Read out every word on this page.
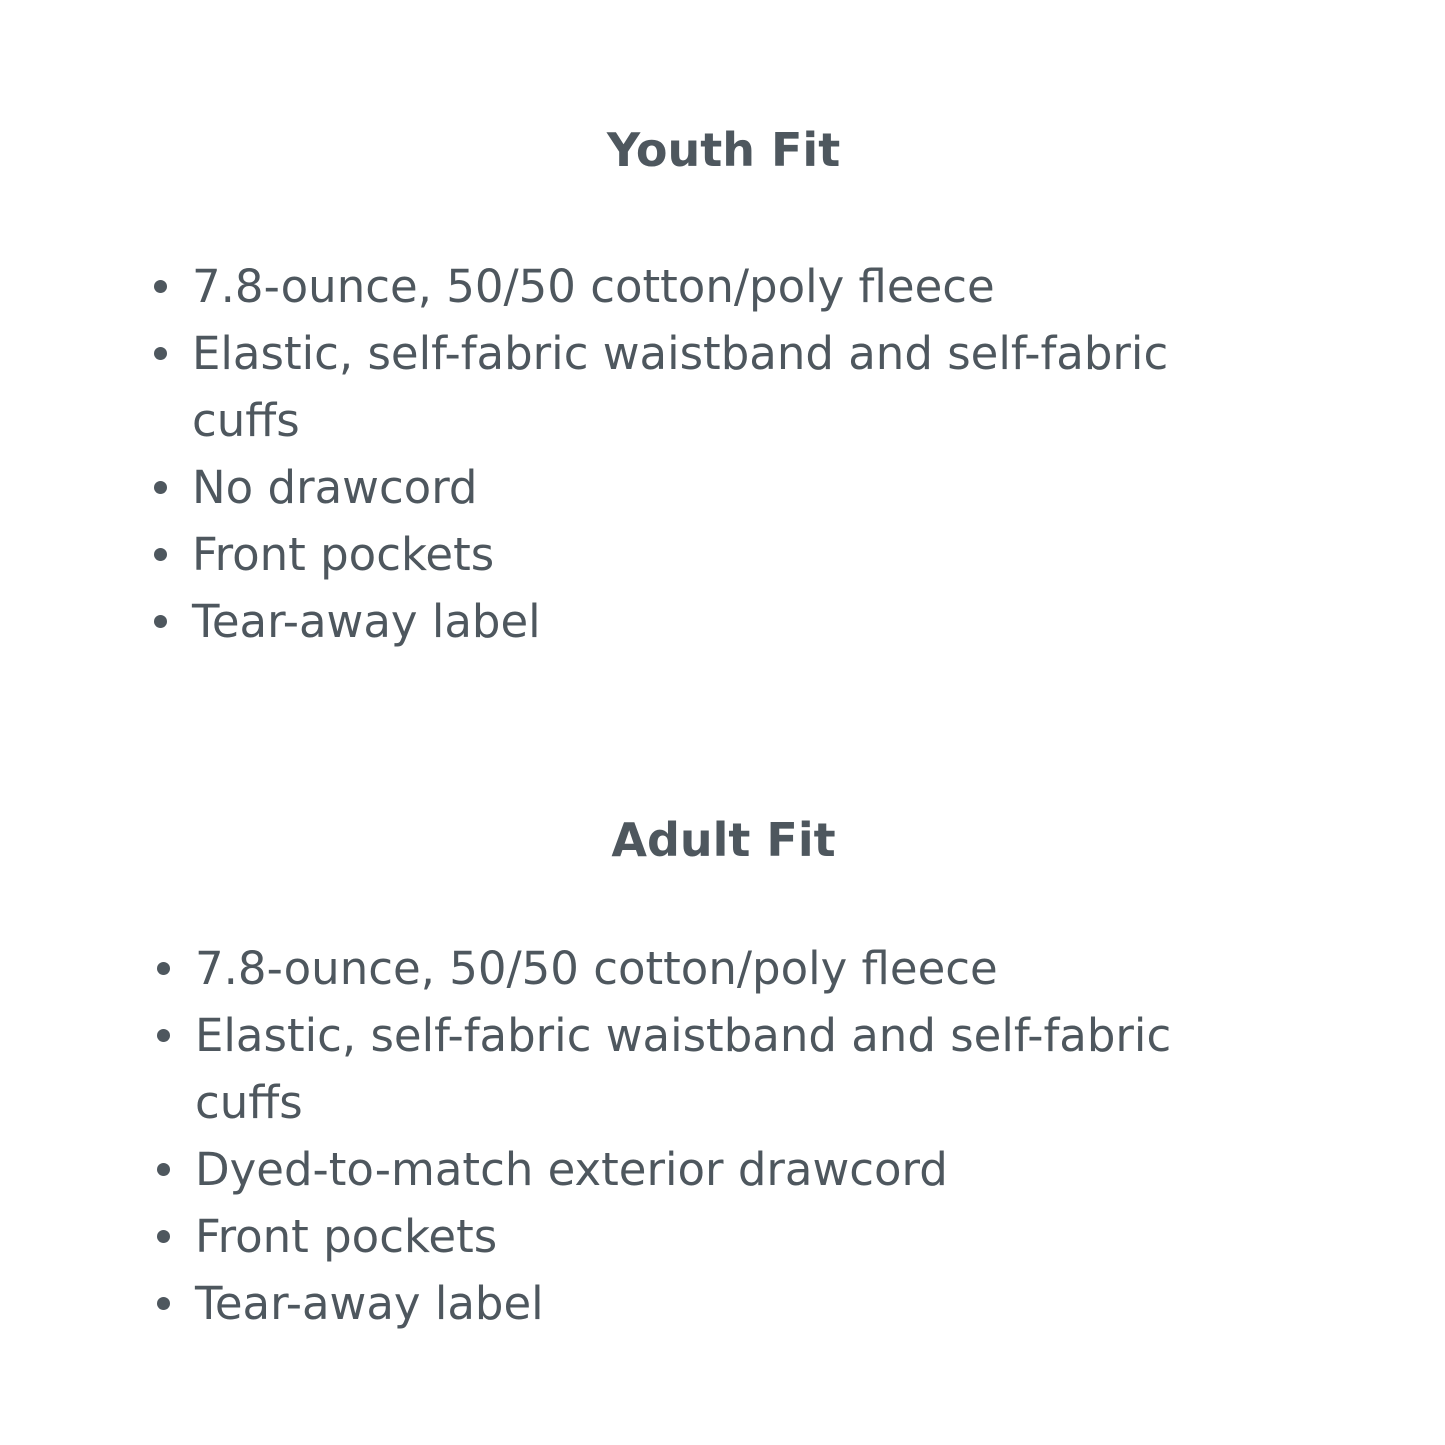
Youth Fit
7.8-ounce, 50/50 cotton/poly fleece
Elastic, self-fabric waistband and self-fabric cuffs
No drawcord
Front pockets
Tear-away label
Adult Fit
7.8-ounce, 50/50 cotton/poly fleece
Elastic, self-fabric waistband and self-fabric cuffs
Dyed-to-match exterior drawcord
Front pockets
Tear-away label
